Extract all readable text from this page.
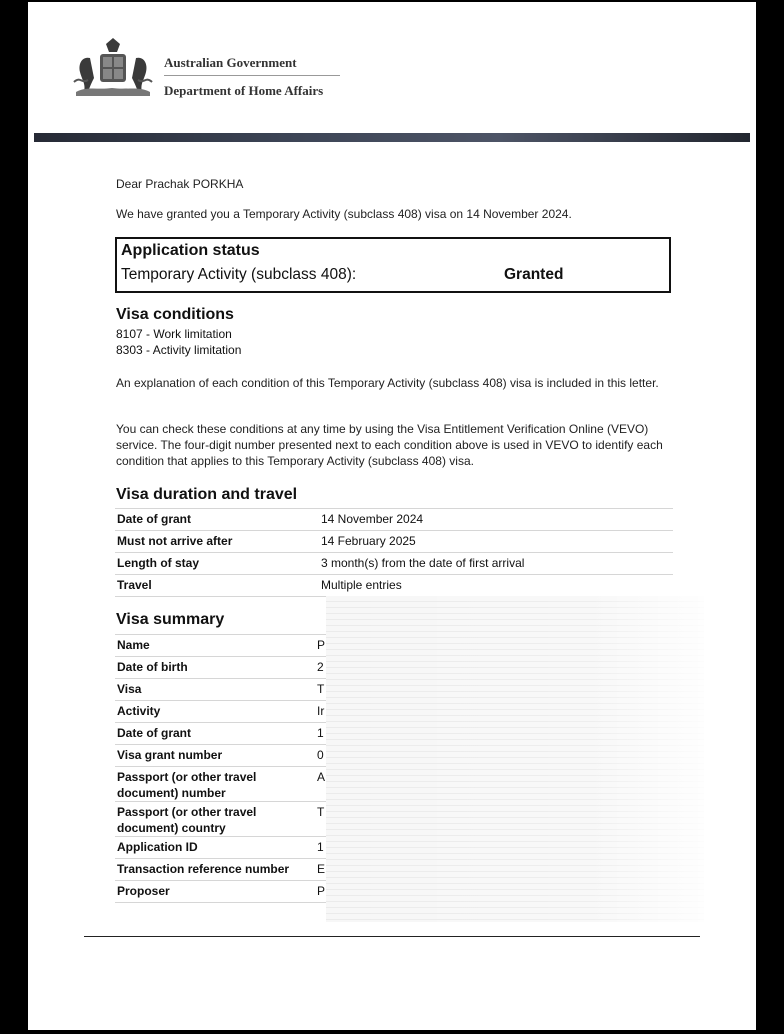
Australian Government
Department of Home Affairs
Dear Prachak PORKHA
We have granted you a Temporary Activity (subclass 408) visa on 14 November 2024.
Application status
Temporary Activity (subclass 408):	Granted
Visa conditions
8107 - Work limitation
8303 - Activity limitation
An explanation of each condition of this Temporary Activity (subclass 408) visa is included in this letter.
You can check these conditions at any time by using the Visa Entitlement Verification Online (VEVO) service. The four-digit number presented next to each condition above is used in VEVO to identify each condition that applies to this Temporary Activity (subclass 408) visa.
Visa duration and travel
Date of grant	14 November 2024
Must not arrive after	14 February 2025
Length of stay	3 month(s) from the date of first arrival
Travel	Multiple entries
Visa summary
Name	P
Date of birth	2
Visa	T
Activity	Ir
Date of grant	1
Visa grant number	0
Passport (or other travel document) number	A
Passport (or other travel document) country	T
Application ID	1
Transaction reference number	E
Proposer	P
